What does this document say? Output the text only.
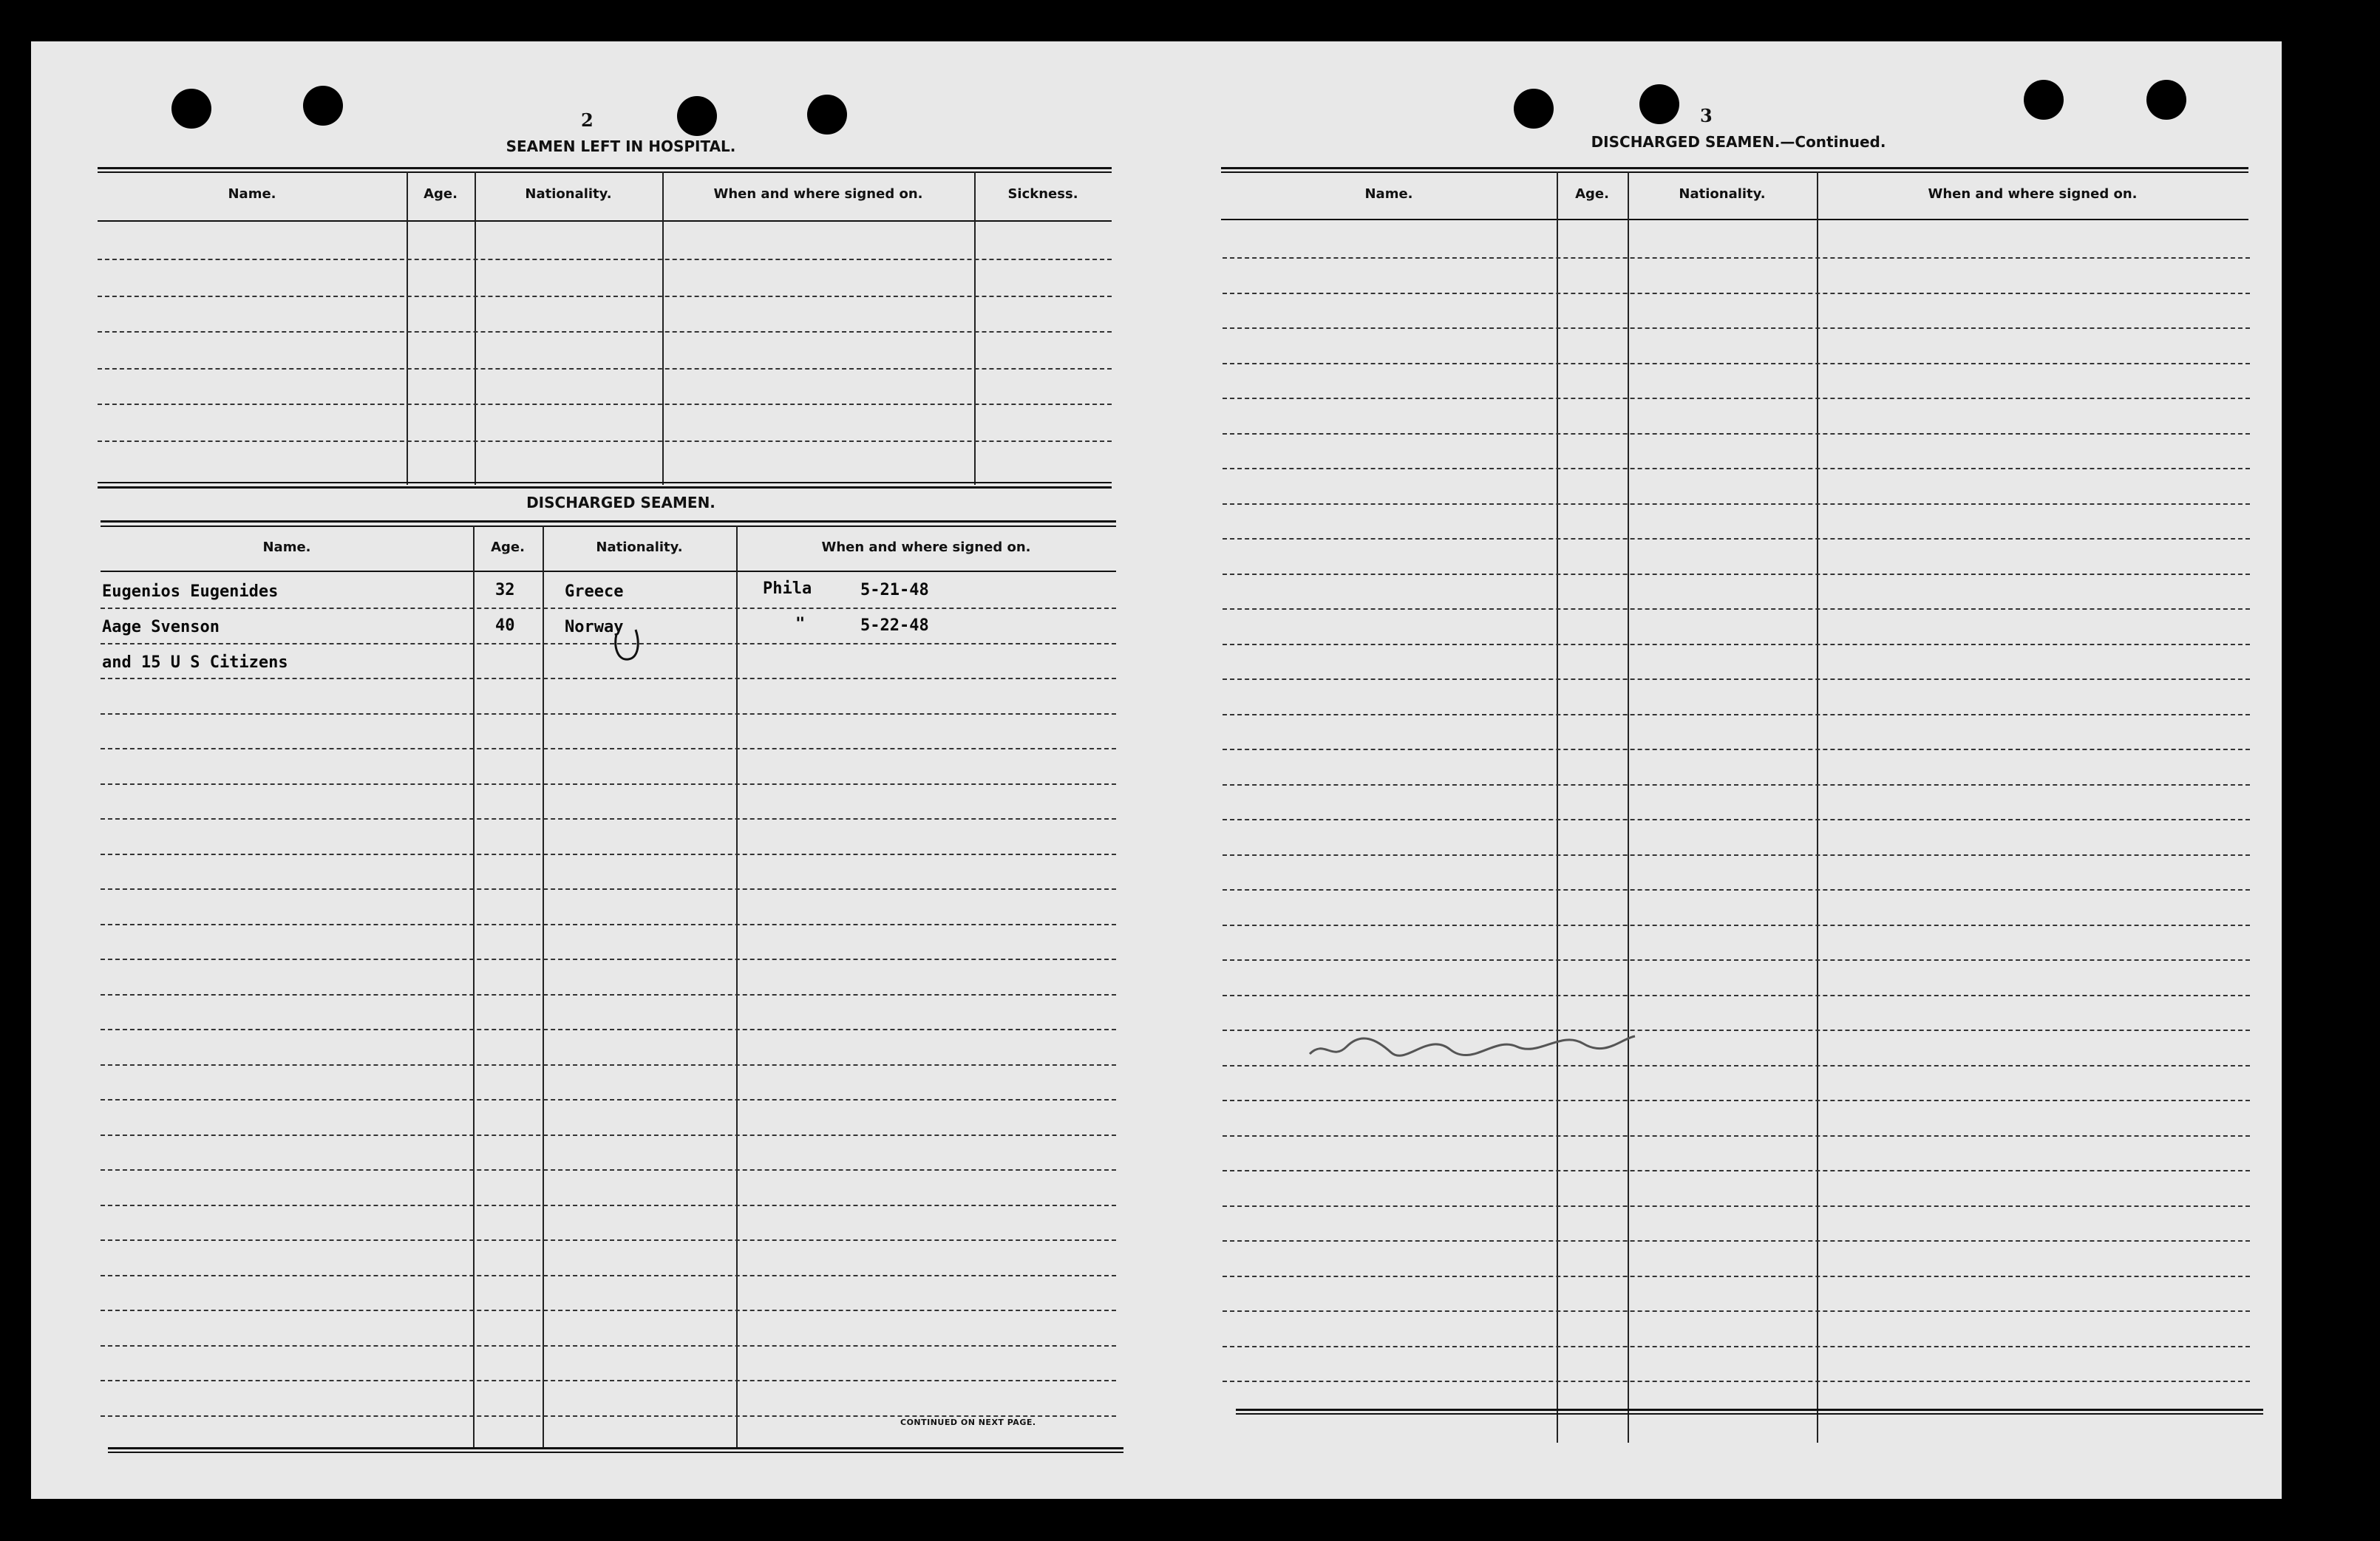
2
SEAMEN LEFT IN HOSPITAL.
Name.	Age.	Nationality.	When and where signed on.	Sickness.
DISCHARGED SEAMEN.
Name.	Age.	Nationality.	When and where signed on.
Eugenios Eugenides	32	Greece	Phila	5-21-48
Aage Svenson	40	Norway	"	5-22-48
and 15 U S Citizens
CONTINUED ON NEXT PAGE.
3
DISCHARGED SEAMEN.—Continued.
Name.	Age.	Nationality.	When and where signed on.
